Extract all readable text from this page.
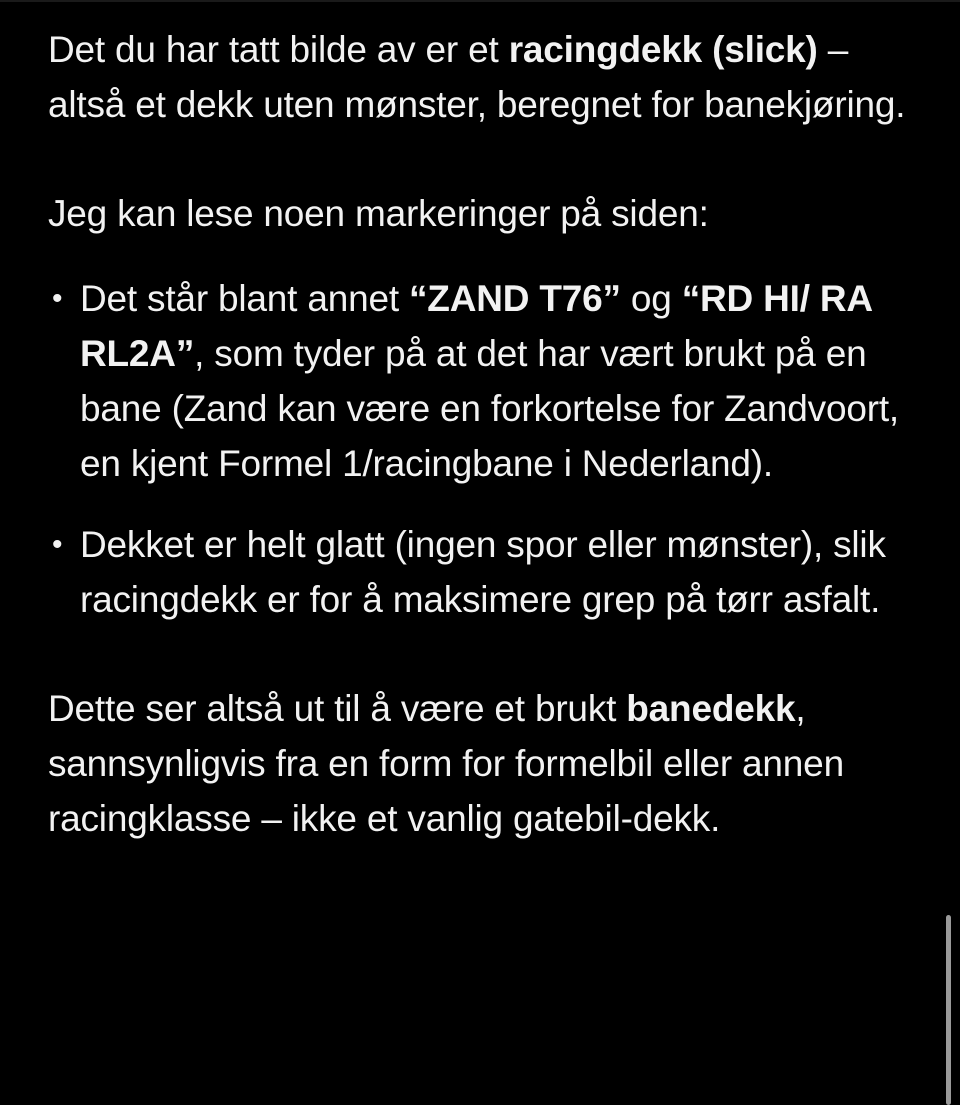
Det du har tatt bilde av er et racingdekk (slick) – altså et dekk uten mønster, beregnet for banekjøring.

Jeg kan lese noen markeringer på siden:

• Det står blant annet “ZAND T76” og “RD HI/ RA RL2A”, som tyder på at det har vært brukt på en bane (Zand kan være en forkortelse for Zandvoort, en kjent Formel 1/racingbane i Nederland).
• Dekket er helt glatt (ingen spor eller mønster), slik racingdekk er for å maksimere grep på tørr asfalt.

Dette ser altså ut til å være et brukt banedekk, sannsynligvis fra en form for formelbil eller annen racingklasse – ikke et vanlig gatebil-dekk.
